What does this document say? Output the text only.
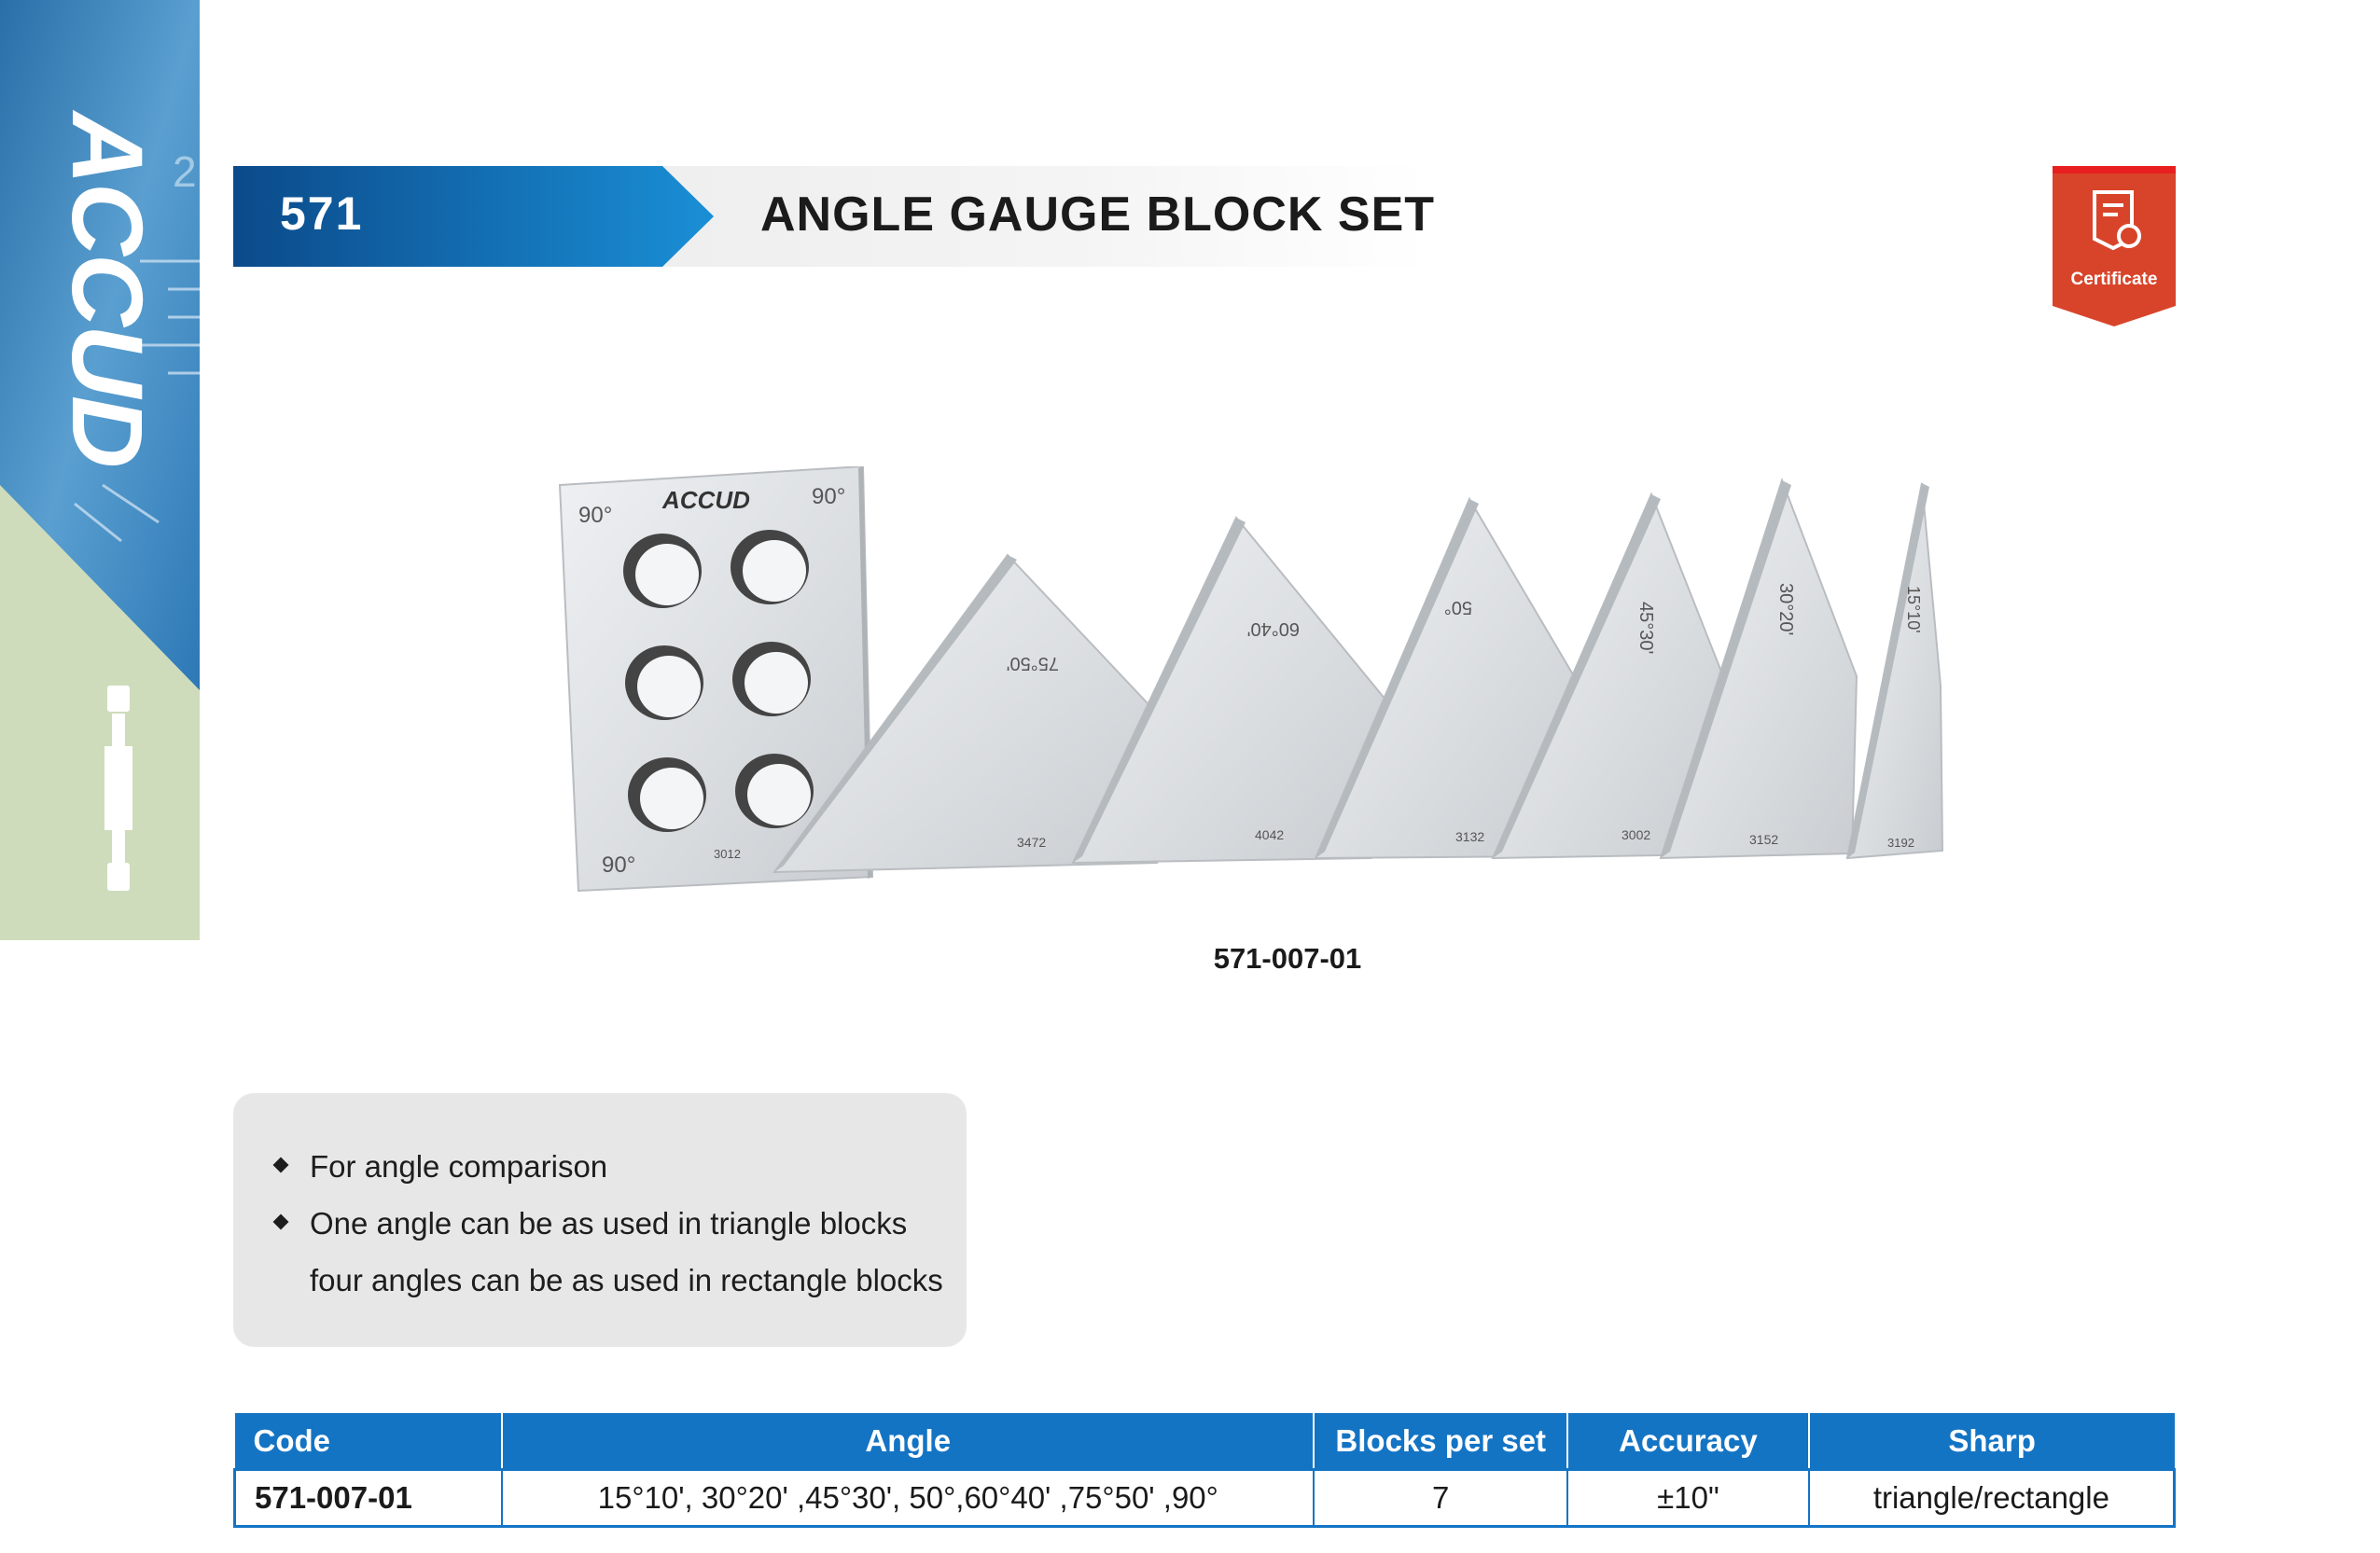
2
ACCUD 571	ANGLE GAUGE BLOCK SET
Certificate
ACCUD
90°
90°
90°	3012
75°50'
3472
60°40'
4042
50°
3132
45°30'
3002
30°20'
3152
15°10'
3192
571-007-01
For angle comparison
One angle can be as used in triangle blocks
four angles can be as used in rectangle blocks
Code	Angle	Blocks per set	Accuracy	Sharp
571-007-01	15°10', 30°20' ,45°30', 50°,60°40' ,75°50' ,90°	7	±10"	triangle/rectangle
